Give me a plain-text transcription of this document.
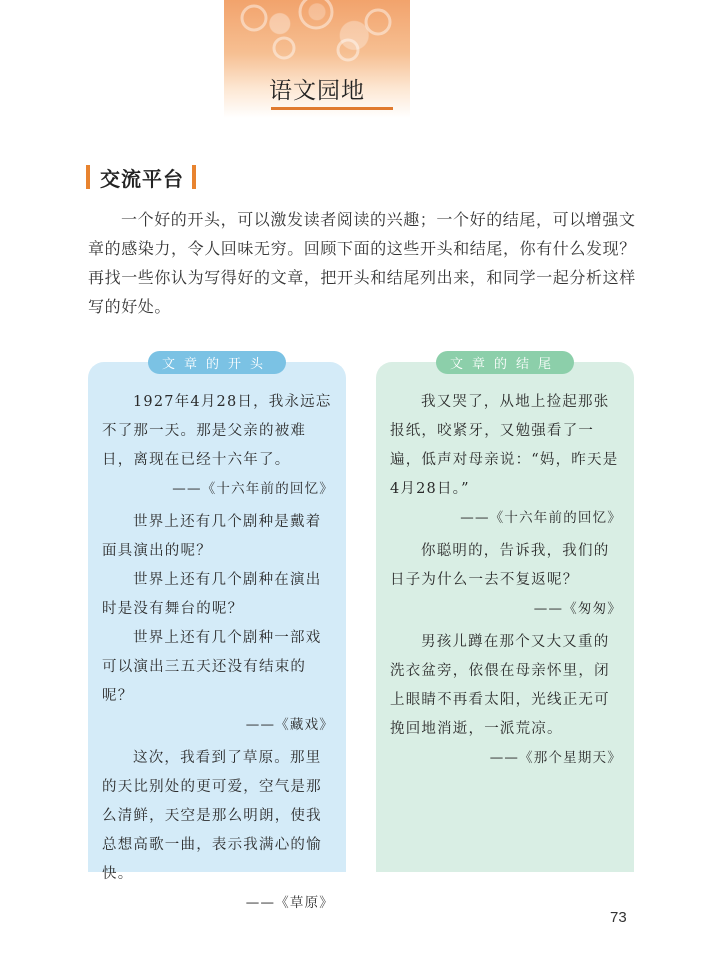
语文园地
交流平台
一个好的开头，可以激发读者阅读的兴趣；一个好的结尾，可以增强文章的感染力，令人回味无穷。回顾下面的这些开头和结尾，你有什么发现？再找一些你认为写得好的文章，把开头和结尾列出来，和同学一起分析这样写的好处。
文章的开头

1927年4月28日，我永远忘不了那一天。那是父亲的被难日，离现在已经十六年了。

——《十六年前的回忆》

世界上还有几个剧种是戴着面具演出的呢？

世界上还有几个剧种在演出时是没有舞台的呢？

世界上还有几个剧种一部戏可以演出三五天还没有结束的呢？

——《藏戏》

这次，我看到了草原。那里的天比别处的更可爱，空气是那么清鲜，天空是那么明朗，使我总想高歌一曲，表示我满心的愉快。

——《草原》

文章的结尾

我又哭了，从地上捡起那张报纸，咬紧牙，又勉强看了一遍，低声对母亲说：“妈，昨天是4月28日。”

——《十六年前的回忆》

你聪明的，告诉我，我们的日子为什么一去不复返呢？

——《匆匆》

男孩儿蹲在那个又大又重的洗衣盆旁，依偎在母亲怀里，闭上眼睛不再看太阳，光线正无可挽回地消逝，一派荒凉。

——《那个星期天》

73
